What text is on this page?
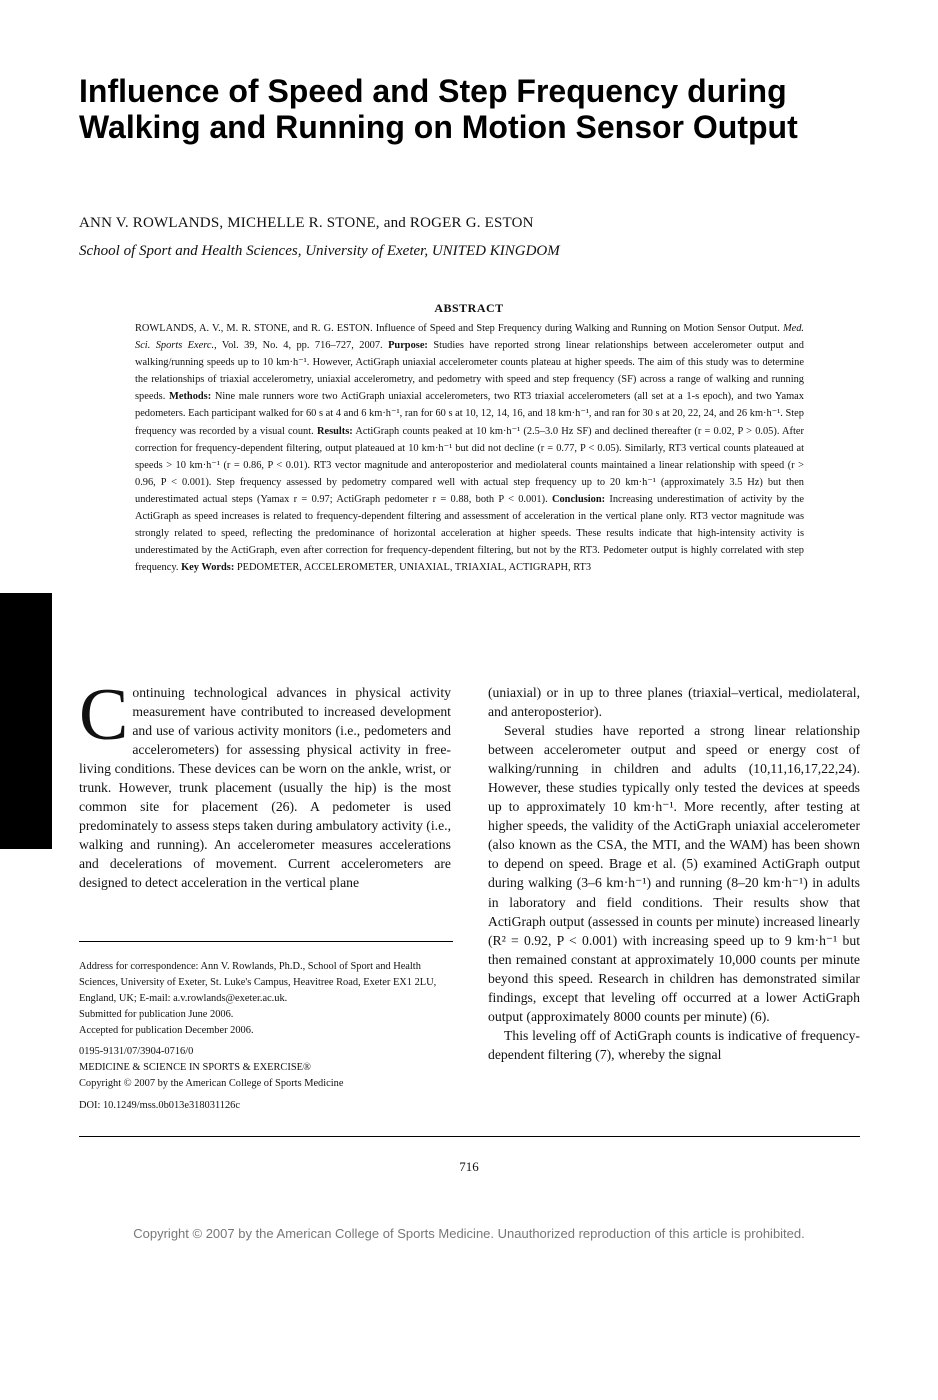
Influence of Speed and Step Frequency during Walking and Running on Motion Sensor Output
ANN V. ROWLANDS, MICHELLE R. STONE, and ROGER G. ESTON
School of Sport and Health Sciences, University of Exeter, UNITED KINGDOM
ABSTRACT
ROWLANDS, A. V., M. R. STONE, and R. G. ESTON. Influence of Speed and Step Frequency during Walking and Running on Motion Sensor Output. Med. Sci. Sports Exerc., Vol. 39, No. 4, pp. 716–727, 2007. Purpose: Studies have reported strong linear relationships between accelerometer output and walking/running speeds up to 10 km·h⁻¹. However, ActiGraph uniaxial accelerometer counts plateau at higher speeds. The aim of this study was to determine the relationships of triaxial accelerometry, uniaxial accelerometry, and pedometry with speed and step frequency (SF) across a range of walking and running speeds. Methods: Nine male runners wore two ActiGraph uniaxial accelerometers, two RT3 triaxial accelerometers (all set at a 1-s epoch), and two Yamax pedometers. Each participant walked for 60 s at 4 and 6 km·h⁻¹, ran for 60 s at 10, 12, 14, 16, and 18 km·h⁻¹, and ran for 30 s at 20, 22, 24, and 26 km·h⁻¹. Step frequency was recorded by a visual count. Results: ActiGraph counts peaked at 10 km·h⁻¹ (2.5–3.0 Hz SF) and declined thereafter (r = 0.02, P > 0.05). After correction for frequency-dependent filtering, output plateaued at 10 km·h⁻¹ but did not decline (r = 0.77, P < 0.05). Similarly, RT3 vertical counts plateaued at speeds > 10 km·h⁻¹ (r = 0.86, P < 0.01). RT3 vector magnitude and anteroposterior and mediolateral counts maintained a linear relationship with speed (r > 0.96, P < 0.001). Step frequency assessed by pedometry compared well with actual step frequency up to 20 km·h⁻¹ (approximately 3.5 Hz) but then underestimated actual steps (Yamax r = 0.97; ActiGraph pedometer r = 0.88, both P < 0.001). Conclusion: Increasing underestimation of activity by the ActiGraph as speed increases is related to frequency-dependent filtering and assessment of acceleration in the vertical plane only. RT3 vector magnitude was strongly related to speed, reflecting the predominance of horizontal acceleration at higher speeds. These results indicate that high-intensity activity is underestimated by the ActiGraph, even after correction for frequency-dependent filtering, but not by the RT3. Pedometer output is highly correlated with step frequency. Key Words: PEDOMETER, ACCELEROMETER, UNIAXIAL, TRIAXIAL, ACTIGRAPH, RT3
APPLIED SCIENCES

Continuing technological advances in physical activity measurement have contributed to increased development and use of various activity monitors (i.e., pedometers and accelerometers) for assessing physical activity in free-living conditions. These devices can be worn on the ankle, wrist, or trunk. However, trunk placement (usually the hip) is the most common site for placement (26). A pedometer is used predominately to assess steps taken during ambulatory activity (i.e., walking and running). An accelerometer measures accelerations and decelerations of movement. Current accelerometers are designed to detect acceleration in the vertical plane

(uniaxial) or in up to three planes (triaxial–vertical, mediolateral, and anteroposterior).

Several studies have reported a strong linear relationship between accelerometer output and speed or energy cost of walking/running in children and adults (10,11,16,17,22,24). However, these studies typically only tested the devices at speeds up to approximately 10 km·h⁻¹. More recently, after testing at higher speeds, the validity of the ActiGraph uniaxial accelerometer (also known as the CSA, the MTI, and the WAM) has been shown to depend on speed. Brage et al. (5) examined ActiGraph output during walking (3–6 km·h⁻¹) and running (8–20 km·h⁻¹) in adults in laboratory and field conditions. Their results show that ActiGraph output (assessed in counts per minute) increased linearly (R² = 0.92, P < 0.001) with increasing speed up to 9 km·h⁻¹ but then remained constant at approximately 10,000 counts per minute beyond this speed. Research in children has demonstrated similar findings, except that leveling off occurred at a lower ActiGraph output (approximately 8000 counts per minute) (6).

This leveling off of ActiGraph counts is indicative of frequency-dependent filtering (7), whereby the signal

Address for correspondence: Ann V. Rowlands, Ph.D., School of Sport and Health Sciences, University of Exeter, St. Luke's Campus, Heavitree Road, Exeter EX1 2LU, England, UK; E-mail: a.v.rowlands@exeter.ac.uk.

Submitted for publication June 2006.

Accepted for publication December 2006.

0195-9131/07/3904-0716/0

MEDICINE & SCIENCE IN SPORTS & EXERCISE®

Copyright © 2007 by the American College of Sports Medicine

DOI: 10.1249/mss.0b013e318031126c

716
Copyright © 2007 by the American College of Sports Medicine. Unauthorized reproduction of this article is prohibited.
